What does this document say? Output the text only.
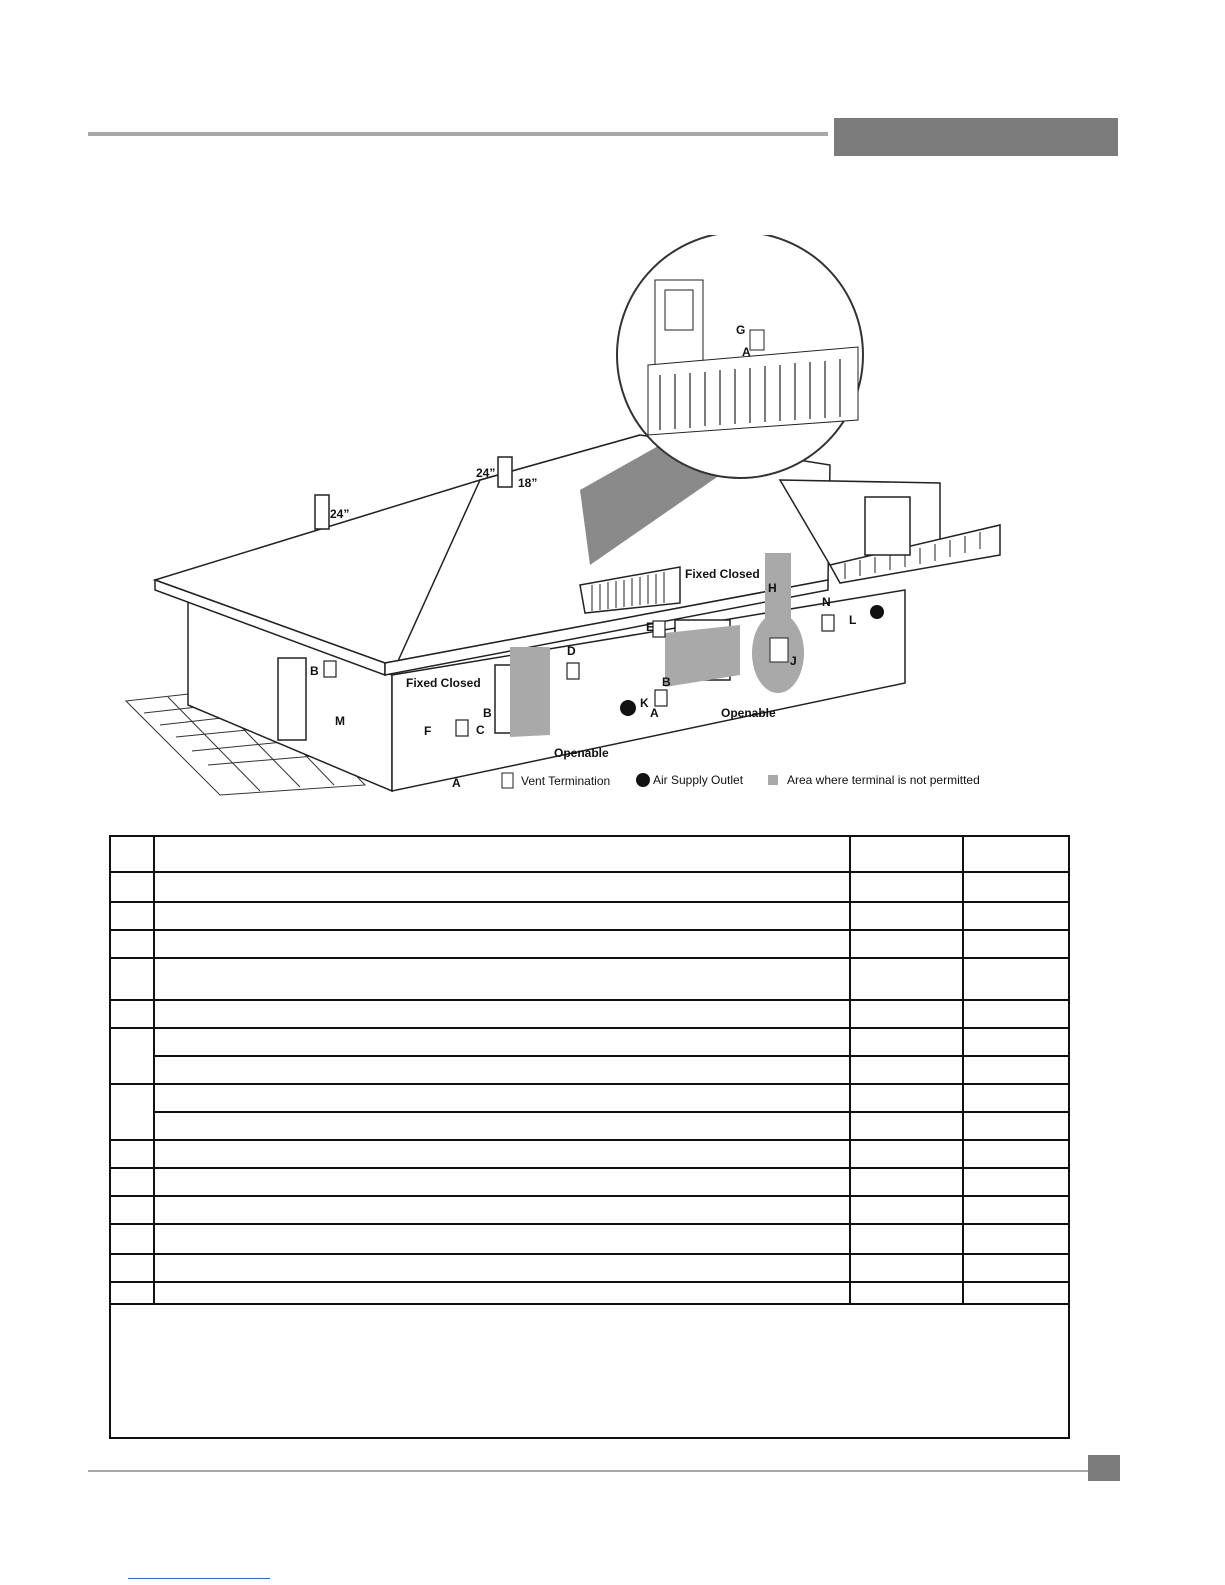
24”
24”
18”
Fixed Closed
Fixed Closed
Openable
Openable
A
A
A
B
B
B
C
D
E
F
G
H
J
K
L
M
N
A
A
Vent Termination	A Air Supply Outlet	Area where terminal is not permitted
